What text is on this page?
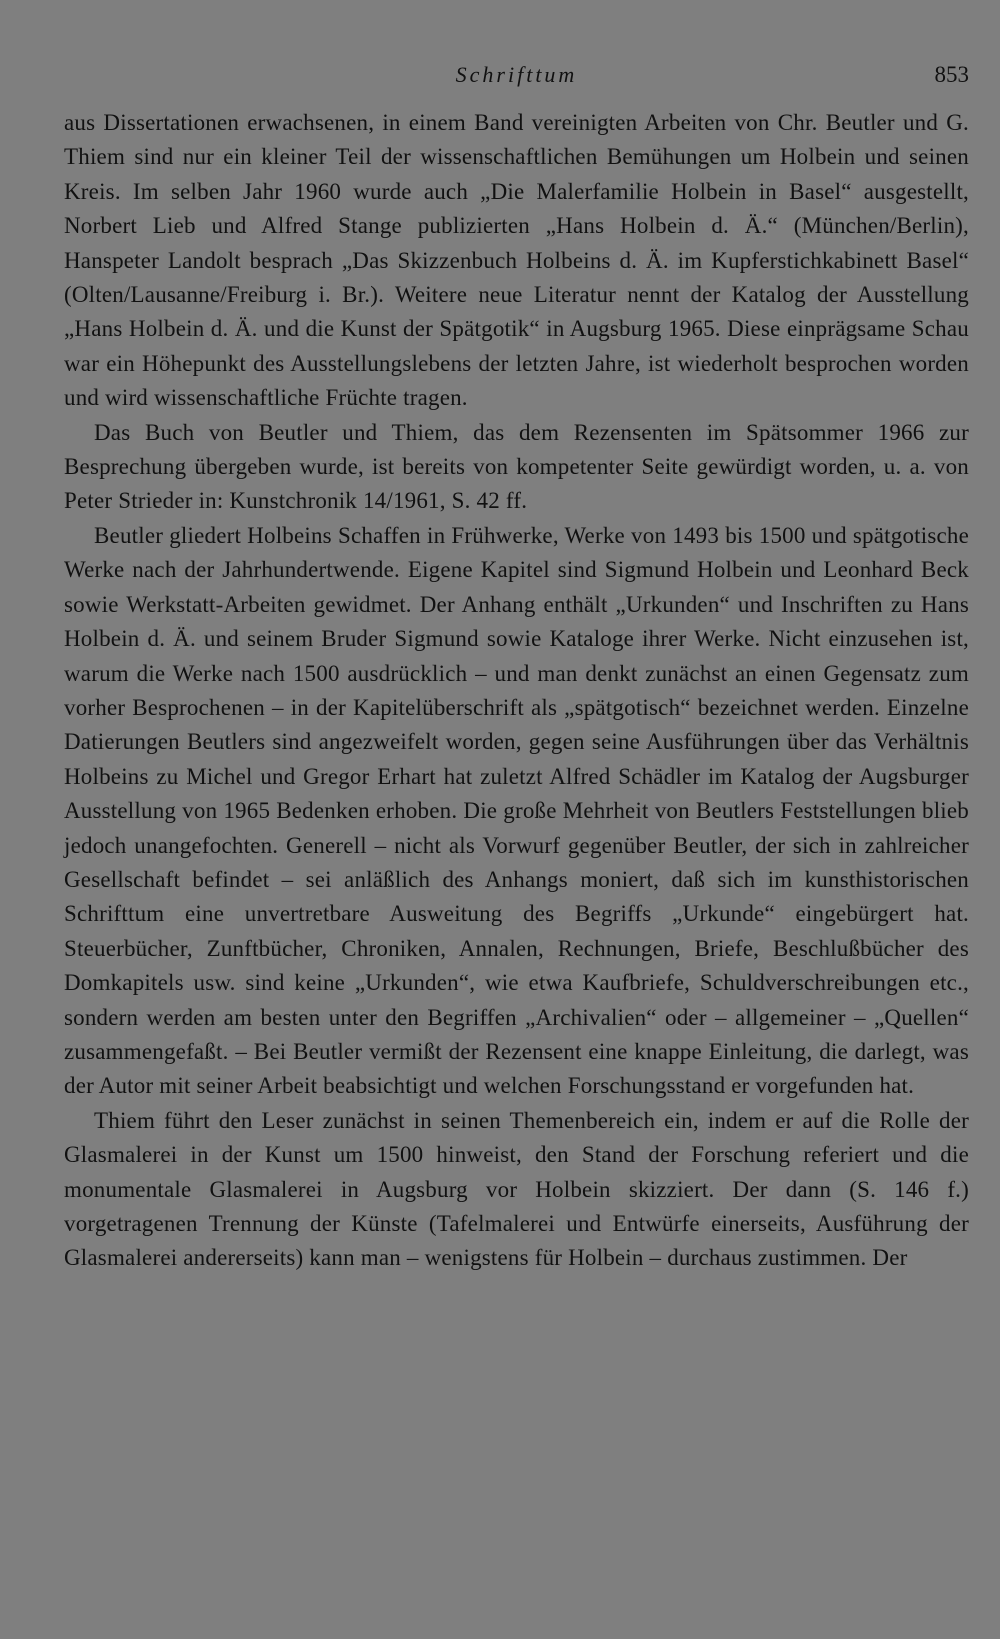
Schrifttum	853

aus Dissertationen erwachsenen, in einem Band vereinigten Arbeiten von Chr. Beutler und G. Thiem sind nur ein kleiner Teil der wissenschaftlichen Bemühungen um Holbein und seinen Kreis. Im selben Jahr 1960 wurde auch „Die Malerfamilie Holbein in Basel“ ausgestellt, Norbert Lieb und Alfred Stange publizierten „Hans Holbein d. Ä.“ (München/Berlin), Hanspeter Landolt besprach „Das Skizzenbuch Holbeins d. Ä. im Kupferstichkabinett Basel“ (Olten/Lausanne/Freiburg i. Br.). Weitere neue Literatur nennt der Katalog der Ausstellung „Hans Holbein d. Ä. und die Kunst der Spätgotik“ in Augsburg 1965. Diese einprägsame Schau war ein Höhepunkt des Ausstellungslebens der letzten Jahre, ist wiederholt besprochen worden und wird wissenschaftliche Früchte tragen.

Das Buch von Beutler und Thiem, das dem Rezensenten im Spätsommer 1966 zur Besprechung übergeben wurde, ist bereits von kompetenter Seite gewürdigt worden, u. a. von Peter Strieder in: Kunstchronik 14/1961, S. 42 ff.

Beutler gliedert Holbeins Schaffen in Frühwerke, Werke von 1493 bis 1500 und spätgotische Werke nach der Jahrhundertwende. Eigene Kapitel sind Sigmund Holbein und Leonhard Beck sowie Werkstatt-Arbeiten gewidmet. Der Anhang enthält „Urkunden“ und Inschriften zu Hans Holbein d. Ä. und seinem Bruder Sigmund sowie Kataloge ihrer Werke. Nicht einzusehen ist, warum die Werke nach 1500 ausdrücklich – und man denkt zunächst an einen Gegensatz zum vorher Besprochenen – in der Kapitelüberschrift als „spätgotisch“ bezeichnet werden. Einzelne Datierungen Beutlers sind angezweifelt worden, gegen seine Ausführungen über das Verhältnis Holbeins zu Michel und Gregor Erhart hat zuletzt Alfred Schädler im Katalog der Augsburger Ausstellung von 1965 Bedenken erhoben. Die große Mehrheit von Beutlers Feststellungen blieb jedoch unangefochten. Generell – nicht als Vorwurf gegenüber Beutler, der sich in zahlreicher Gesellschaft befindet – sei anläßlich des Anhangs moniert, daß sich im kunsthistorischen Schrifttum eine unvertretbare Ausweitung des Begriffs „Urkunde“ eingebürgert hat. Steuerbücher, Zunftbücher, Chroniken, Annalen, Rechnungen, Briefe, Beschlußbücher des Domkapitels usw. sind keine „Urkunden“, wie etwa Kaufbriefe, Schuldverschreibungen etc., sondern werden am besten unter den Begriffen „Archivalien“ oder – allgemeiner – „Quellen“ zusammengefaßt. – Bei Beutler vermißt der Rezensent eine knappe Einleitung, die darlegt, was der Autor mit seiner Arbeit beabsichtigt und welchen Forschungsstand er vorgefunden hat.

Thiem führt den Leser zunächst in seinen Themenbereich ein, indem er auf die Rolle der Glasmalerei in der Kunst um 1500 hinweist, den Stand der Forschung referiert und die monumentale Glasmalerei in Augsburg vor Holbein skizziert. Der dann (S. 146 f.) vorgetragenen Trennung der Künste (Tafelmalerei und Entwürfe einerseits, Ausführung der Glasmalerei andererseits) kann man – wenigstens für Holbein – durchaus zustimmen. Der
